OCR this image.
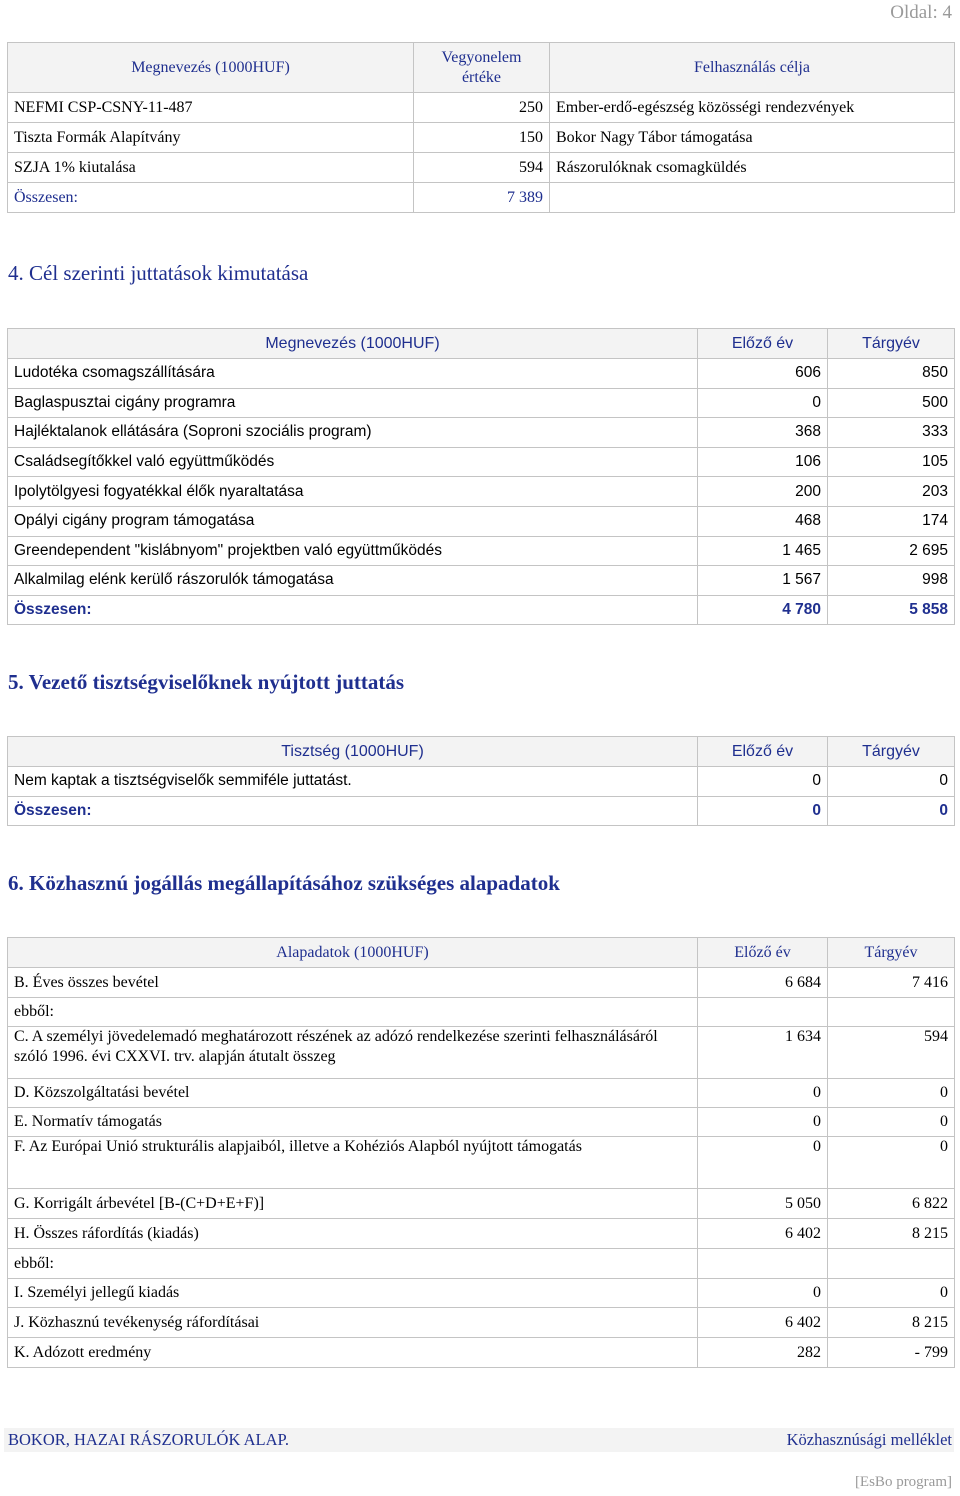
Oldal: 4
Megnevezés (1000HUF)	Vegyonelem értéke	Felhasználás célja
NEFMI CSP-CSNY-11-487	250	Ember-erdő-egészség közösségi rendezvények
Tiszta Formák Alapítvány	150	Bokor Nagy Tábor támogatása
SZJA 1% kiutalása	594	Rászorulóknak csomagküldés
Összesen:	7 389	
4. Cél szerinti juttatások kimutatása
Megnevezés (1000HUF)	Előző év	Tárgyév
Ludotéka csomagszállítására	606	850
Baglaspusztai cigány programra	0	500
Hajléktalanok ellátására (Soproni szociális program)	368	333
Családsegítőkkel való együttműködés	106	105
Ipolytölgyesi fogyatékkal élők nyaraltatása	200	203
Opályi cigány program támogatása	468	174
Greendependent "kislábnyom" projektben való együttműködés	1 465	2 695
Alkalmilag elénk kerülő rászorulók támogatása	1 567	998
Összesen:	4 780	5 858
5. Vezető tisztségviselőknek nyújtott juttatás
Tisztség (1000HUF)	Előző év	Tárgyév
Nem kaptak a tisztségviselők semmiféle juttatást.	0	0
Összesen:	0	0
6. Közhasznú jogállás megállapításához szükséges alapadatok
Alapadatok (1000HUF)	Előző év	Tárgyév
B. Éves összes bevétel	6 684	7 416
ebből:		
C. A személyi jövedelemadó meghatározott részének az adózó rendelkezése szerinti felhasználásáról szóló 1996. évi CXXVI. trv. alapján átutalt összeg	1 634	594
D. Közszolgáltatási bevétel	0	0
E. Normatív támogatás	0	0
F. Az Európai Unió strukturális alapjaiból, illetve a Kohéziós Alapból nyújtott támogatás	0	0
G. Korrigált árbevétel [B-(C+D+E+F)]	5 050	6 822
H. Összes ráfordítás (kiadás)	6 402	8 215
ebből:		
I. Személyi jellegű kiadás	0	0
J. Közhasznú tevékenység ráfordításai	6 402	8 215
K. Adózott eredmény	282	- 799
BOKOR, HAZAI RÁSZORULÓK ALAP.	Közhasznúsági melléklet
[EsBo program]
